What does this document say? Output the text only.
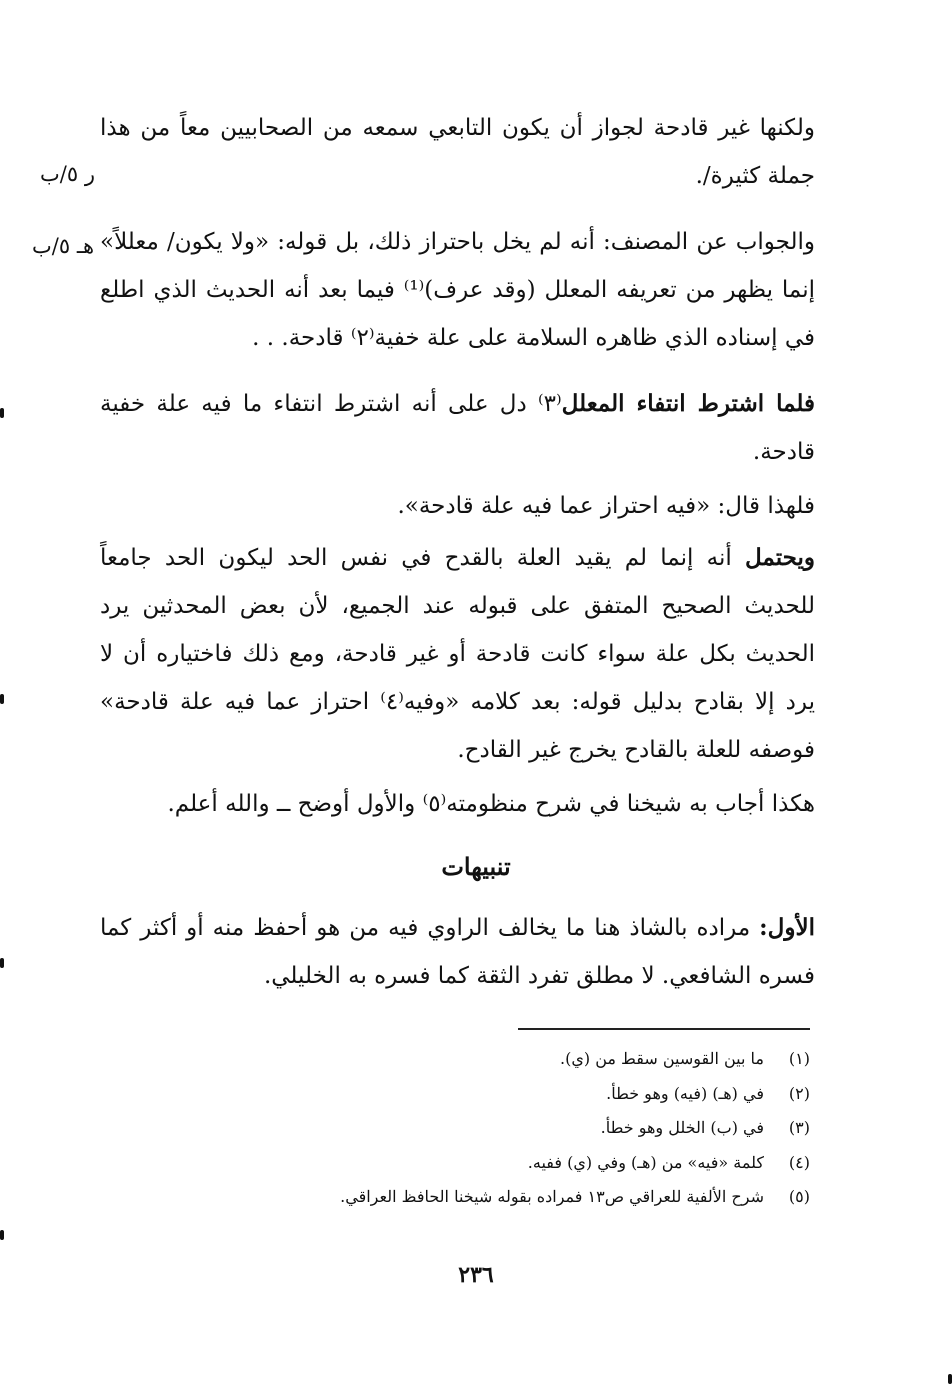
ر ٥/ب
هـ ٥/ب

ولكنها غير قادحة لجواز أن يكون التابعي سمعه من الصحابيين معاً من هذا جملة كثيرة/.

والجواب عن المصنف: أنه لم يخل باحتراز ذلك، بل قوله: «ولا يكون/ معللاً» إنما يظهر من تعريفه المعلل (وقد عرف)⁽¹⁾ فيما بعد أنه الحديث الذي اطلع في إسناده الذي ظاهره السلامة على علة خفية⁽٢⁾ قادحة. . .

فلما اشترط انتفاء المعلل⁽٣⁾ دل على أنه اشترط انتفاء ما فيه علة خفية قادحة.

فلهذا قال: «فيه احتراز عما فيه علة قادحة».

ويحتمل أنه إنما لم يقيد العلة بالقدح في نفس الحد ليكون الحد جامعاً للحديث الصحيح المتفق على قبوله عند الجميع، لأن بعض المحدثين يرد الحديث بكل علة سواء كانت قادحة أو غير قادحة، ومع ذلك فاختياره أن لا يرد إلا بقادح بدليل قوله: بعد كلامه «وفيه⁽٤⁾ احتراز عما فيه علة قادحة» فوصفه للعلة بالقادح يخرج غير القادح.

هكذا أجاب به شيخنا في شرح منظومته⁽٥⁾ والأول أوضح ــ والله أعلم.

تنبيهات

الأول: مراده بالشاذ هنا ما يخالف الراوي فيه من هو أحفظ منه أو أكثر كما فسره الشافعي. لا مطلق تفرد الثقة كما فسره به الخليلي.

(١)
ما بين القوسين سقط من (ي).
(٢)
في (هـ) (فيه) وهو خطأ.
(٣)
في (ب) الخلل وهو خطأ.
(٤)
كلمة «فيه» من (هـ) وفي (ي) ففيه.
(٥)
شرح الألفية للعراقي ص١٣ فمراده بقوله شيخنا الحافظ العراقي.
٢٣٦
